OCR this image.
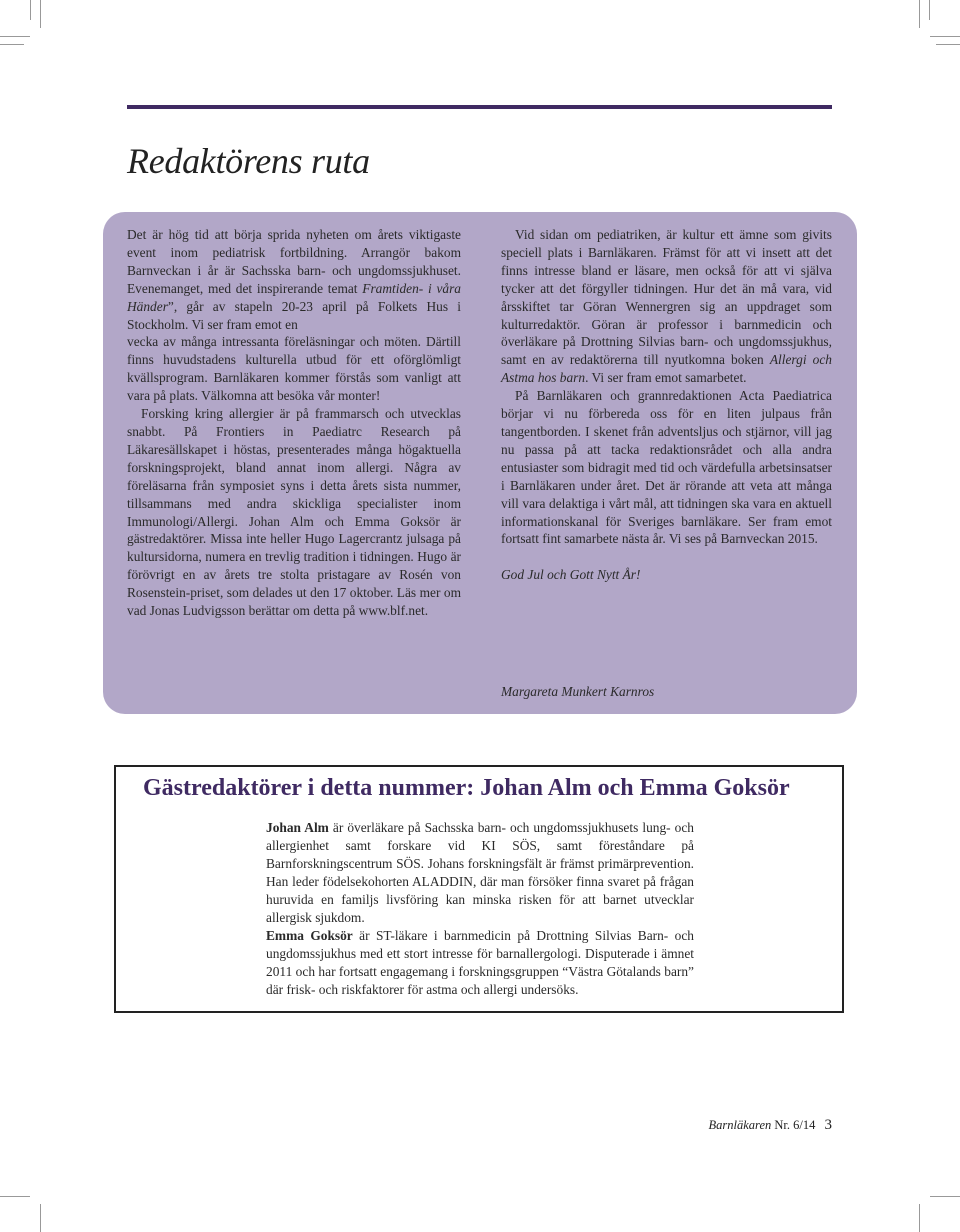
Redaktörens ruta

Det är hög tid att börja sprida nyheten om årets viktigaste event inom pediatrisk fortbildning. Arrangör bakom Barnveckan i år är Sachsska barn- och ungdomssjukhuset. Evenemanget, med det inspirerande temat Framtiden- i våra Händer”, går av stapeln 20-23 april på Folkets Hus i Stockholm. Vi ser fram emot en

vecka av många intressanta föreläsningar och möten. Därtill finns huvudstadens kulturella utbud för ett oförglömligt kvällsprogram. Barnläkaren kommer förstås som vanligt att vara på plats. Välkomna att besöka vår monter!

Forsking kring allergier är på frammarsch och utvecklas snabbt. På Frontiers in Paediatrc Research på Läkaresällskapet i höstas, presenterades många högaktuella forskningsprojekt, bland annat inom allergi. Några av föreläsarna från symposiet syns i detta årets sista nummer, tillsammans med andra skickliga specialister inom Immunologi/Allergi. Johan Alm och Emma Goksör är gästredaktörer. Missa inte heller Hugo Lagercrantz julsaga på kultursidorna, numera en trevlig tradition i tidningen. Hugo är förövrigt en av årets tre stolta pristagare av Rosén von Rosenstein-priset, som delades ut den 17 oktober. Läs mer om vad Jonas Ludvigsson berättar om detta på www.blf.net.

Vid sidan om pediatriken, är kultur ett ämne som givits speciell plats i Barnläkaren. Främst för att vi insett att det finns intresse bland er läsare, men också för att vi själva tycker att det förgyller tidningen. Hur det än må vara, vid årsskiftet tar Göran Wennergren sig an uppdraget som kulturredaktör. Göran är professor i barnmedicin och överläkare på Drottning Silvias barn- och ungdomssjukhus, samt en av redaktörerna till nyutkomna boken Allergi och Astma hos barn. Vi ser fram emot samarbetet.

På Barnläkaren och grannredaktionen Acta Paediatrica börjar vi nu förbereda oss för en liten julpaus från tangentborden. I skenet från adventsljus och stjärnor, vill jag nu passa på att tacka redaktionsrådet och alla andra entusiaster som bidragit med tid och värdefulla arbetsinsatser i Barnläkaren under året. Det är rörande att veta att många vill vara delaktiga i vårt mål, att tidningen ska vara en aktuell informationskanal för Sveriges barnläkare. Ser fram emot fortsatt fint samarbete nästa år. Vi ses på Barnveckan 2015.

God Jul och Gott Nytt År!

Margareta Munkert Karnros
Gästredaktörer i detta nummer: Johan Alm och Emma Goksör

Johan Alm är överläkare på Sachsska barn- och ungdomssjukhusets lung- och allergienhet samt forskare vid KI SÖS, samt föreståndare på Barnforskningscentrum SÖS. Johans forskningsfält är främst primärprevention. Han leder födelsekohorten ALADDIN, där man försöker finna svaret på frågan huruvida en familjs livsföring kan minska risken för att barnet utvecklar allergisk sjukdom.

Emma Goksör är ST-läkare i barnmedicin på Drottning Silvias Barn- och ungdomssjukhus med ett stort intresse för barnallergologi. Disputerade i ämnet 2011 och har fortsatt engagemang i forskningsgruppen “Västra Götalands barn” där frisk- och riskfaktorer för astma och allergi undersöks.

Barnläkaren Nr. 6/14 3
